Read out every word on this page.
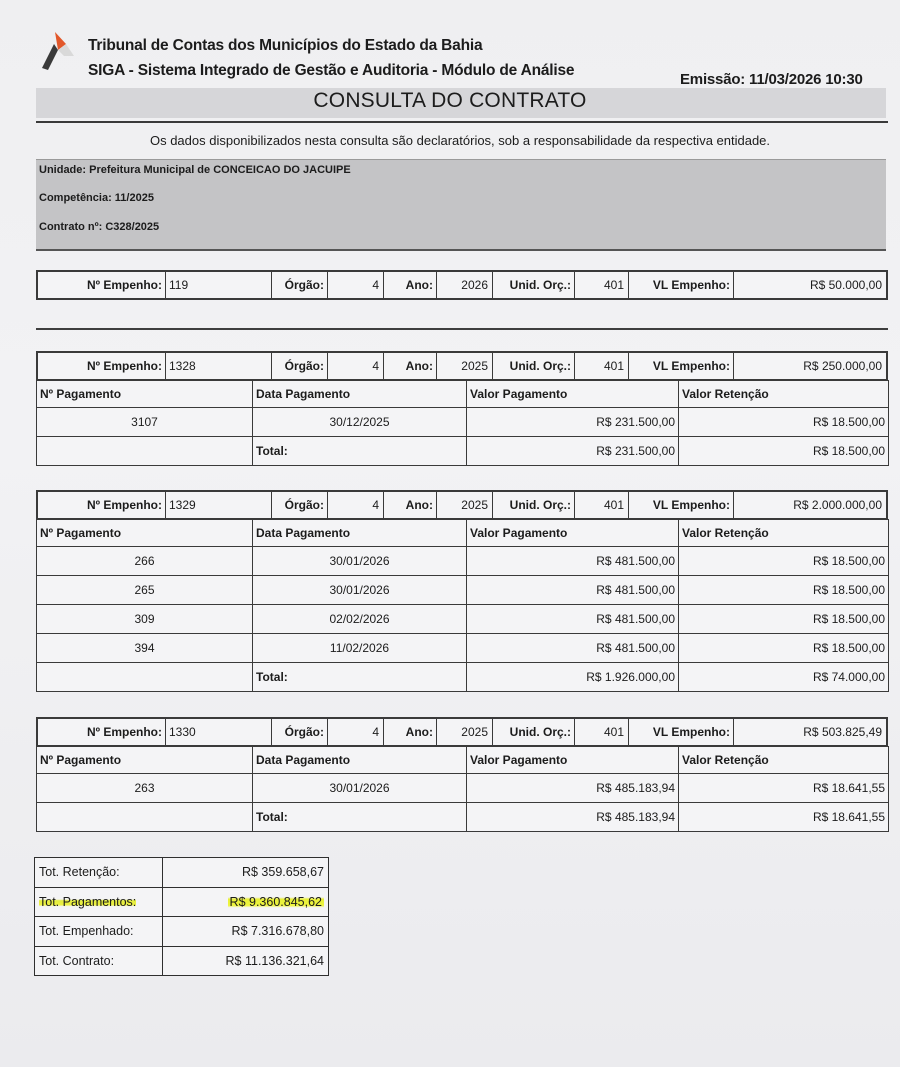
Tribunal de Contas dos Municípios do Estado da Bahia
SIGA - Sistema Integrado de Gestão e Auditoria - Módulo de Análise
Emissão: 11/03/2026 10:30
CONSULTA DO CONTRATO
Os dados disponibilizados nesta consulta são declaratórios, sob a responsabilidade da respectiva entidade.
Unidade: Prefeitura Municipal de CONCEICAO DO JACUIPE
Competência: 11/2025
Contrato nº: C328/2025
Nº Empenho: 119	Órgão:	4	Ano:	2026	Unid. Orç.:	401	VL Empenho:	R$ 50.000,00
Nº Empenho: 1328	Órgão:	4	Ano:	2025	Unid. Orç.:	401	VL Empenho:	R$ 250.000,00
Nº Pagamento	Data Pagamento	Valor Pagamento	Valor Retenção
3107	30/12/2025	R$ 231.500,00	R$ 18.500,00
	Total:	R$ 231.500,00	R$ 18.500,00
Nº Empenho: 1329	Órgão:	4	Ano:	2025	Unid. Orç.:	401	VL Empenho:	R$ 2.000.000,00
Nº Pagamento	Data Pagamento	Valor Pagamento	Valor Retenção
266	30/01/2026	R$ 481.500,00	R$ 18.500,00
265	30/01/2026	R$ 481.500,00	R$ 18.500,00
309	02/02/2026	R$ 481.500,00	R$ 18.500,00
394	11/02/2026	R$ 481.500,00	R$ 18.500,00
	Total:	R$ 1.926.000,00	R$ 74.000,00
Nº Empenho: 1330	Órgão:	4	Ano:	2025	Unid. Orç.:	401	VL Empenho:	R$ 503.825,49
Nº Pagamento	Data Pagamento	Valor Pagamento	Valor Retenção
263	30/01/2026	R$ 485.183,94	R$ 18.641,55
	Total:	R$ 485.183,94	R$ 18.641,55
Tot. Retenção:	R$ 359.658,67
Tot. Pagamentos:	R$ 9.360.845,62
Tot. Empenhado:	R$ 7.316.678,80
Tot. Contrato:	R$ 11.136.321,64
